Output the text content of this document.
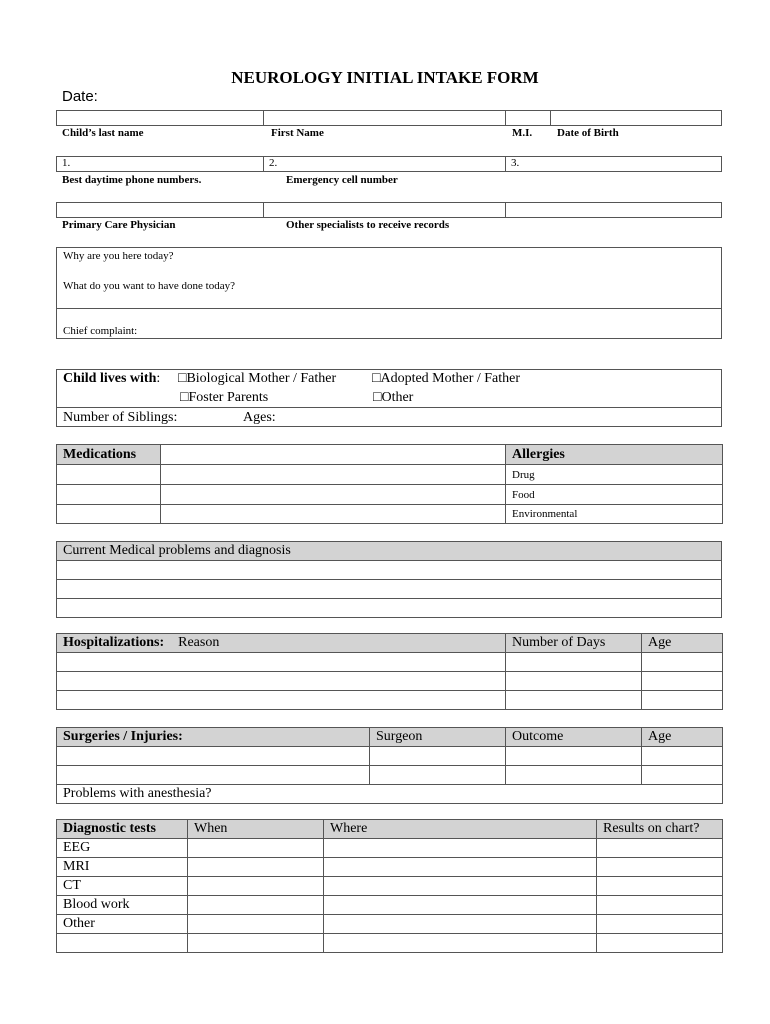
NEUROLOGY INITIAL INTAKE FORM
Date:
Child’s last name	First Name	M.I. Date of Birth
1.	2.	3.
Best daytime phone numbers.	Emergency cell number
Primary Care Physician	Other specialists to receive records
Why are you here today?
What do you want to have done today?
Chief complaint:
Child lives with: □Biological Mother / Father	□Adopted Mother / Father
□Foster Parents	□Other
Number of Siblings:	Ages:
Medications		Allergies
		Drug
		Food
		Environmental
Current Medical problems and diagnosis

Hospitalizations: Reason	Number of Days	Age

Surgeries / Injuries:	Surgeon	Outcome	Age

Problems with anesthesia?			
Diagnostic tests	When	Where	Results on chart?
EEG			
MRI			
CT			
Blood work			
Other			
